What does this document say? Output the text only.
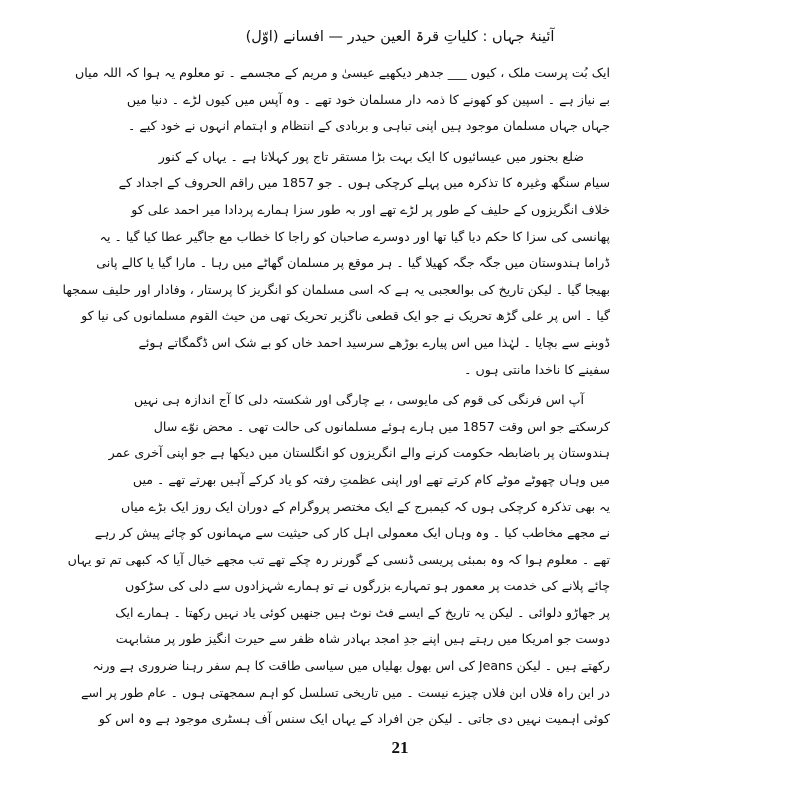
آئینۂ جہاں : کلیاتِ قرۃ العین حیدر — افسانے (اوّل)
ایک بُت پرست ملک ، کیوں ___ جدھر دیکھیے عیسیٰ و مریم کے مجسمے ۔ تو معلوم یہ ہوا کہ اللہ میاں
بے نیاز ہے ۔ اسپین کو کھونے کا ذمہ دار مسلمان خود تھے ۔ وہ آپس میں کیوں لڑے ۔ دنیا میں
جہاں جہاں مسلمان موجود ہیں اپنی تباہی و بربادی کے انتظام و اہتمام انہوں نے خود کیے ۔
ضلع بجنور میں عیسائیوں کا ایک بہت بڑا مستقر تاج پور کہلاتا ہے ۔ یہاں کے کنور
سیام سنگھ وغیرہ کا تذکرہ میں پہلے کرچکی ہوں ۔ جو 1857 میں راقم الحروف کے اجداد کے
خلاف انگریزوں کے حلیف کے طور پر لڑے تھے اور بہ طور سزا ہمارے پردادا میر احمد علی کو
پھانسی کی سزا کا حکم دیا گیا تھا اور دوسرے صاحبان کو راجا کا خطاب مع جاگیر عطا کیا گیا ۔ یہ
ڈراما ہندوستان میں جگہ جگہ کھیلا گیا ۔ ہر موقع پر مسلمان گھاٹے میں رہا ۔ مارا گیا یا کالے پانی
بھیجا گیا ۔ لیکن تاریخ کی بوالعجبی یہ ہے کہ اسی مسلمان کو انگریز کا پرستار ، وفادار اور حلیف سمجھا
گیا ۔ اس پر علی گڑھ تحریک نے جو ایک قطعی ناگزیر تحریک تھی من حیث القوم مسلمانوں کی نیا کو
ڈوبنے سے بچایا ۔ لہٰذا میں اس پیارے بوڑھے سرسید احمد خاں کو بے شک اس ڈگمگاتے ہوئے
سفینے کا ناخدا مانتی ہوں ۔
آپ اس فرنگی کی قوم کی مایوسی ، بے چارگی اور شکستہ دلی کا آج اندازہ ہی نہیں
کرسکتے جو اس وقت 1857 میں ہارے ہوئے مسلمانوں کی حالت تھی ۔ محض نوّے سال
ہندوستان پر باضابطہ حکومت کرنے والے انگریزوں کو انگلستان میں دیکھا ہے جو اپنی آخری عمر
میں وہاں چھوٹے موٹے کام کرتے تھے اور اپنی عظمتِ رفتہ کو یاد کرکے آہیں بھرتے تھے ۔ میں
یہ بھی تذکرہ کرچکی ہوں کہ کیمبرج کے ایک مختصر پروگرام کے دوران ایک روز ایک بڑے میاں
نے مجھے مخاطب کیا ۔ وہ وہاں ایک معمولی اہل کار کی حیثیت سے مہمانوں کو چائے پیش کر رہے
تھے ۔ معلوم ہوا کہ وہ بمبئی پریسی ڈنسی کے گورنر رہ چکے تھے تب مجھے خیال آیا کہ کبھی تم تو یہاں
چائے پلانے کی خدمت پر معمور ہو تمہارے بزرگوں نے تو ہمارے شہزادوں سے دلی کی سڑکوں
پر جھاڑو دلوائی ۔ لیکن یہ تاریخ کے ایسے فٹ نوٹ ہیں جنھیں کوئی یاد نہیں رکھتا ۔ ہمارے ایک
دوست جو امریکا میں رہتے ہیں اپنے جدِ امجد بہادر شاہ ظفر سے حیرت انگیز طور پر مشابہت
رکھتے ہیں ۔ لیکن Jeans کی اس بھول بھلیاں میں سیاسی طاقت کا ہم سفر رہنا ضروری ہے ورنہ
در این راہ فلاں ابن فلاں چیزے نیست ۔ میں تاریخی تسلسل کو اہم سمجھتی ہوں ۔ عام طور پر اسے
کوئی اہمیت نہیں دی جاتی ۔ لیکن جن افراد کے یہاں ایک سنس آف ہسٹری موجود ہے وہ اس کو
21
